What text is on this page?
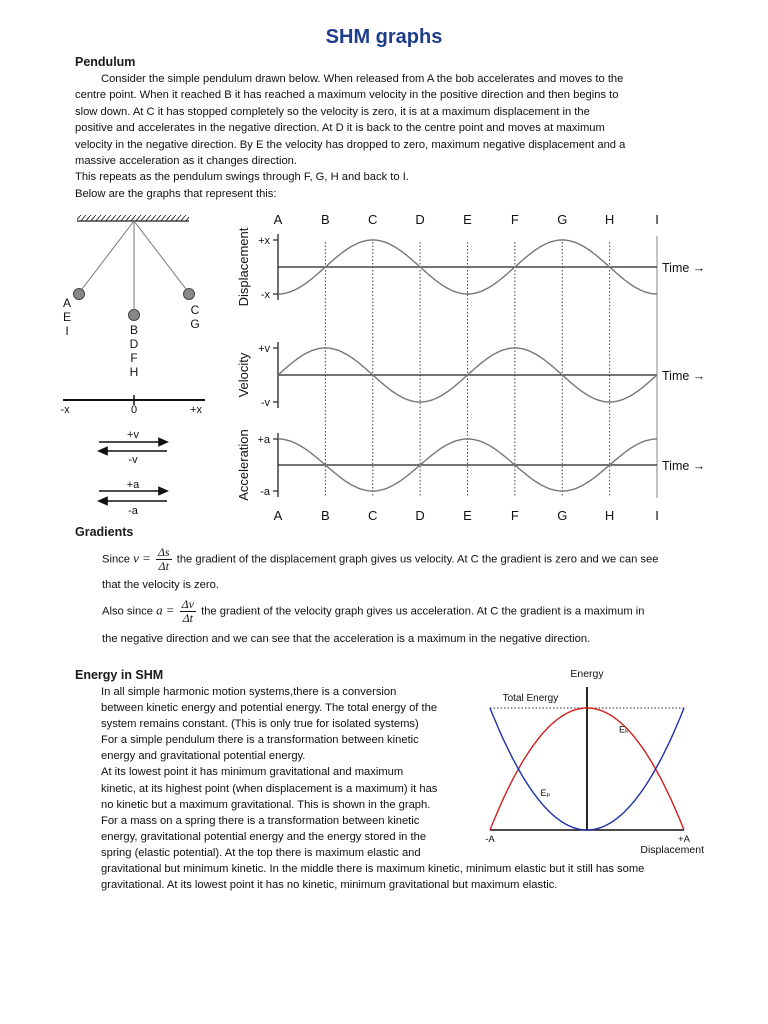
SHM graphs
Pendulum

Consider the simple pendulum drawn below. When released from A the bob accelerates and moves to the

centre point. When it reached B it has reached a maximum velocity in the positive direction and then begins to

slow down. At C it has stopped completely so the velocity is zero, it is at a maximum displacement in the

positive and accelerates in the negative direction. At D it is back to the centre point and moves at maximum

velocity in the negative direction. By E the velocity has dropped to zero, maximum negative displacement and a

massive acceleration as it changes direction.

This repeats as the pendulum swings through F, G, H and back to I.

Below are the graphs that represent this:

A
E
I	B
D
F
H
C
G
-x	0	+x
+v
-v
+a
-a
A
A
B
B
C
C
D
D
E
E
F
F
G
G
H
H
I
I
Time →
+x
-x
Displacement
Time →
+v
-v
Velocity
Time →
+a
-a
Acceleration
Gradients
Since $v = \frac{\Delta s}{\Delta t}$ the gradient of the displacement graph gives us velocity. At C the gradient is zero and we can see
that the velocity is zero.
Also since $a = \frac{\Delta v}{\Delta t}$ the gradient of the velocity graph gives us acceleration. At C the gradient is a maximum in
the negative direction and we can see that the acceleration is a maximum in the negative direction.
Energy in SHM

In all simple harmonic motion systems,there is a conversion

between kinetic energy and potential energy. The total energy of the

system remains constant. (This is only true for isolated systems)

For a simple pendulum there is a transformation between kinetic

energy and gravitational potential energy.

At its lowest point it has minimum gravitational and maximum

kinetic, at its highest point (when displacement is a maximum) it has

no kinetic but a maximum gravitational. This is shown in the graph.

For a mass on a spring there is a transformation between kinetic

energy, gravitational potential energy and the energy stored in the

spring (elastic potential). At the top there is maximum elastic and

gravitational but minimum kinetic. In the middle there is maximum kinetic, minimum elastic but it still has some

gravitational. At its lowest point it has no kinetic, minimum gravitational but maximum elastic.

Energy
Displacement
-A	+A
Total Energy
Eₖ
Eₚ
